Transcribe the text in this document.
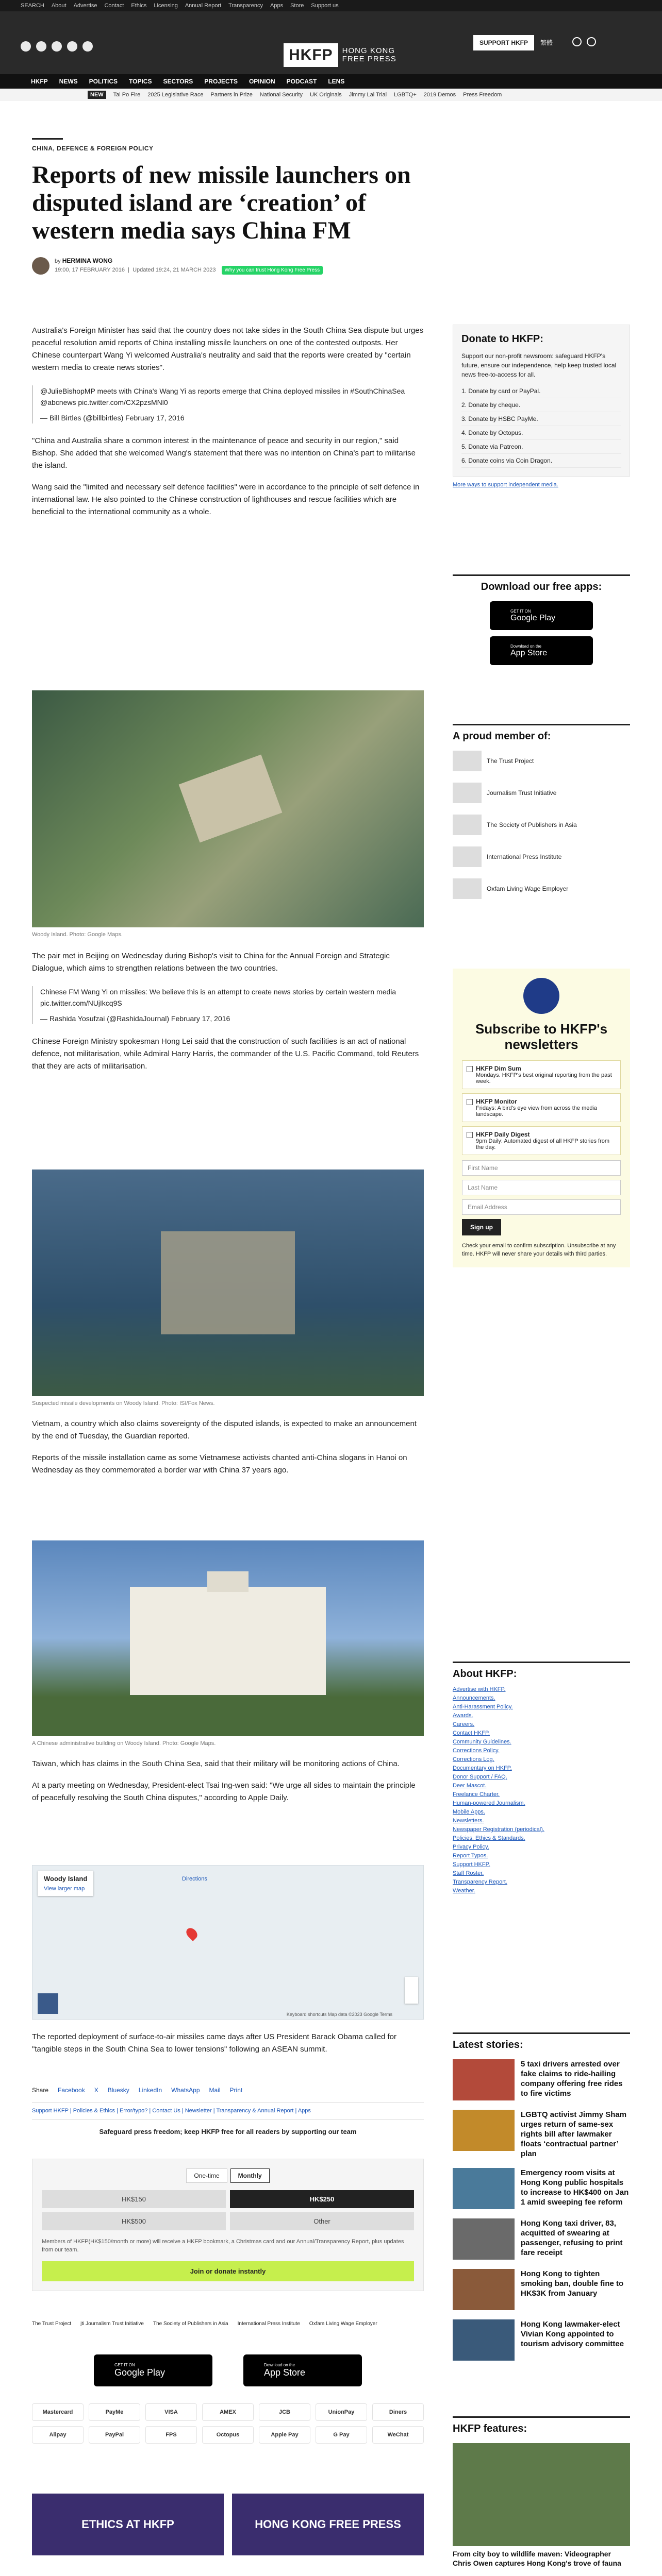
SEARCH About Advertise Contact Ethics Licensing Annual Report Transparency Apps Store Support us
HKFP	HONG KONG
FREE PRESS
SUPPORT HKFP	繁體
HKFP NEWS POLITICS TOPICS SECTORS PROJECTS OPINION PODCAST LENS
NEW	Tai Po Fire 2025 Legislative Race Partners in Prize National Security UK Originals Jimmy Lai Trial LGBTQ+ 2019 Demos Press Freedom
CHINA, DEFENCE & FOREIGN POLICY
Reports of new missile launchers on disputed island are ‘creation’ of western media says China FM
by HERMINA WONG
19:00, 17 FEBRUARY 2016  |  Updated 19:24, 21 MARCH 2023 Why you can trust Hong Kong Free Press

Australia's Foreign Minister has said that the country does not take sides in the South China Sea dispute but urges peaceful resolution amid reports of China installing missile launchers on one of the contested outposts. Her Chinese counterpart Wang Yi welcomed Australia's neutrality and said that the reports were created by "certain western media to create news stories".

@JulieBishopMP meets with China's Wang Yi as reports emerge that China deployed missiles in #SouthChinaSea @abcnews pic.twitter.com/CX2pzsMNl0

— Bill Birtles (@billbirtles) February 17, 2016

"China and Australia share a common interest in the maintenance of peace and security in our region," said Bishop. She added that she welcomed Wang's statement that there was no intention on China's part to militarise the island.

Wang said the "limited and necessary self defence facilities" were in accordance to the principle of self defence in international law. He also pointed to the Chinese construction of lighthouses and rescue facilities which are beneficial to the international community as a whole.

Woody Island. Photo: Google Maps.

The pair met in Beijing on Wednesday during Bishop's visit to China for the Annual Foreign and Strategic Dialogue, which aims to strengthen relations between the two countries.

Chinese FM Wang Yi on missiles: We believe this is an attempt to create news stories by certain western media pic.twitter.com/NUjIkcq9S

— Rashida Yosufzai (@RashidaJournal) February 17, 2016

Chinese Foreign Ministry spokesman Hong Lei said that the construction of such facilities is an act of national defence, not militarisation, while Admiral Harry Harris, the commander of the U.S. Pacific Command, told Reuters that they are acts of militarisation.

Suspected missile developments on Woody Island. Photo: ISI/Fox News.

Vietnam, a country which also claims sovereignty of the disputed islands, is expected to make an announcement by the end of Tuesday, the Guardian reported.

Reports of the missile installation came as some Vietnamese activists chanted anti-China slogans in Hanoi on Wednesday as they commemorated a border war with China 37 years ago.

A Chinese administrative building on Woody Island. Photo: Google Maps.

Taiwan, which has claims in the South China Sea, said that their military will be monitoring actions of China.

At a party meeting on Wednesday, President-elect Tsai Ing-wen said: "We urge all sides to maintain the principle of peacefully resolving the South China disputes," according to Apple Daily.

Woody Island
View larger map
Directions
Keyboard shortcuts Map data ©2023 Google Terms

The reported deployment of surface-to-air missiles came days after US President Barack Obama called for "tangible steps in the South China Sea to lower tensions" following an ASEAN summit.

Share Facebook X Bluesky LinkedIn WhatsApp Mail Print
Support HKFP | Policies & Ethics | Error/typo? | Contact Us | Newsletter | Transparency & Annual Report | Apps
Safeguard press freedom; keep HKFP free for all readers by supporting our team
One-time	Monthly
HK$150	HK$250
HK$500	Other

Members of HKFP(HK$150/month or more) will receive a HKFP bookmark, a Christmas card and our Annual/Transparency Report, plus updates from our team.

Join or donate instantly
The Trust Project jti Journalism Trust Initiative The Society of Publishers in Asia International Press Institute Oxfam Living Wage Employer
GET IT ON
Google Play
Download on the
App Store
Mastercard	PayMe	VISA	AMEX	JCB	UnionPay	Diners
Alipay	PayPal	FPS	Octopus	Apple Pay	G Pay	WeChat
ETHICS AT HKFP	HONG KONG FREE PRESS

Donate to HKFP:

Support our non-profit newsroom: safeguard HKFP's future, ensure our independence, help keep trusted local news free-to-access for all.

1. Donate by card or PayPal.
2. Donate by cheque.
3. Donate by HSBC PayMe.
4. Donate by Octopus.
5. Donate via Patreon.
6. Donate coins via Coin Dragon.
More ways to support independent media.
Download our free apps:
GET IT ON
Google Play
Download on the
App Store
A proud member of:
The Trust Project
Journalism Trust Initiative
The Society of Publishers in Asia
International Press Institute
Oxfam Living Wage Employer
Subscribe to HKFP's newsletters
HKFP Dim Sum
Mondays. HKFP's best original reporting from the past week.
HKFP Monitor
Fridays: A bird's eye view from across the media landscape.
HKFP Daily Digest
9pm Daily: Automated digest of all HKFP stories from the day.
First Name
Last Name
Email Address
Sign up

Check your email to confirm subscription. Unsubscribe at any time. HKFP will never share your details with third parties.

About HKFP:
Advertise with HKFP.
Announcements.
Anti-Harassment Policy.
Awards.
Careers.
Contact HKFP.
Community Guidelines.
Corrections Policy.
Corrections Log.
Documentary on HKFP.
Donor Support / FAQ.
Deer Mascot.
Freelance Charter.
Human-powered Journalism.
Mobile Apps.
Newsletters.
Newspaper Registration (periodical).
Policies, Ethics & Standards.
Privacy Policy.
Report Typos.
Support HKFP.
Staff Roster.
Transparency Report.
Weather.
Latest stories:
5 taxi drivers arrested over fake claims to ride-hailing company offering free rides to fire victims
LGBTQ activist Jimmy Sham urges return of same-sex rights bill after lawmaker floats ‘contractual partner’ plan
Emergency room visits at Hong Kong public hospitals to increase to HK$400 on Jan 1 amid sweeping fee reform
Hong Kong taxi driver, 83, acquitted of swearing at passenger, refusing to print fare receipt
Hong Kong to tighten smoking ban, double fine to HK$3K from January
Hong Kong lawmaker-elect Vivian Kong appointed to tourism advisory committee
HKFP features:
From city boy to wildlife maven: Videographer Chris Owen captures Hong Kong's trove of fauna
